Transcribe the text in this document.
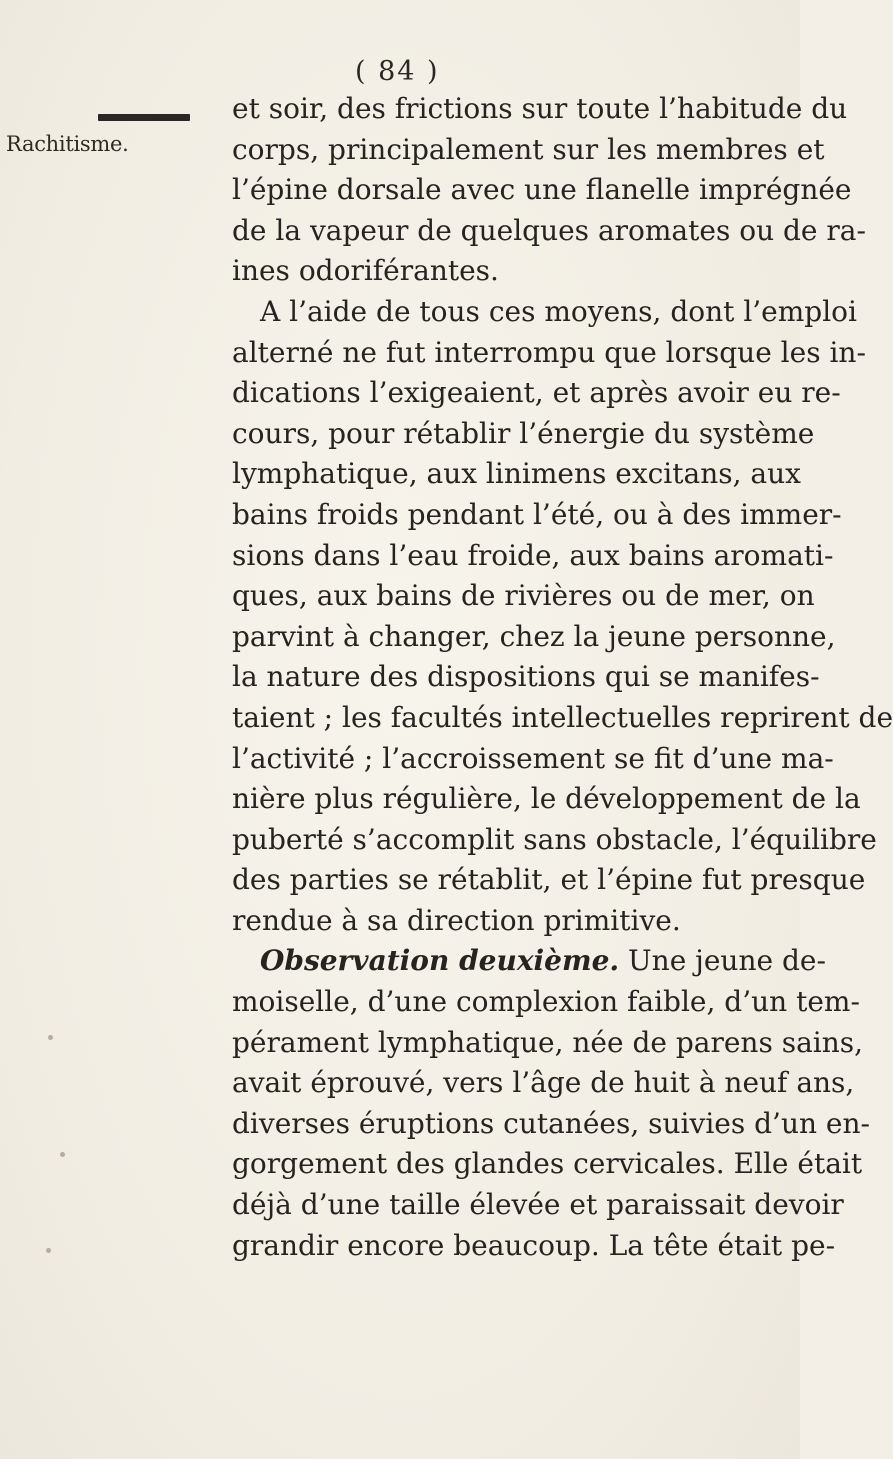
( 84 )
Rachitisme.
et soir, des frictions sur toute l’habitude du
corps, principalement sur les membres et
l’épine dorsale avec une flanelle imprégnée
de la vapeur de quelques aromates ou de ra-
ines odoriférantes.
A l’aide de tous ces moyens, dont l’emploi
alterné ne fut interrompu que lorsque les in-
dications l’exigeaient, et après avoir eu re-
cours, pour rétablir l’énergie du système
lymphatique, aux linimens excitans, aux
bains froids pendant l’été, ou à des immer-
sions dans l’eau froide, aux bains aromati-
ques, aux bains de rivières ou de mer, on
parvint à changer, chez la jeune personne,
la nature des dispositions qui se manifes-
taient ; les facultés intellectuelles reprirent de
l’activité ; l’accroissement se fit d’une ma-
nière plus régulière, le développement de la
puberté s’accomplit sans obstacle, l’équilibre
des parties se rétablit, et l’épine fut presque
rendue à sa direction primitive.
Observation deuxième. Une jeune de-
moiselle, d’une complexion faible, d’un tem-
pérament lymphatique, née de parens sains,
avait éprouvé, vers l’âge de huit à neuf ans,
diverses éruptions cutanées, suivies d’un en-
gorgement des glandes cervicales. Elle était
déjà d’une taille élevée et paraissait devoir
grandir encore beaucoup. La tête était pe-
